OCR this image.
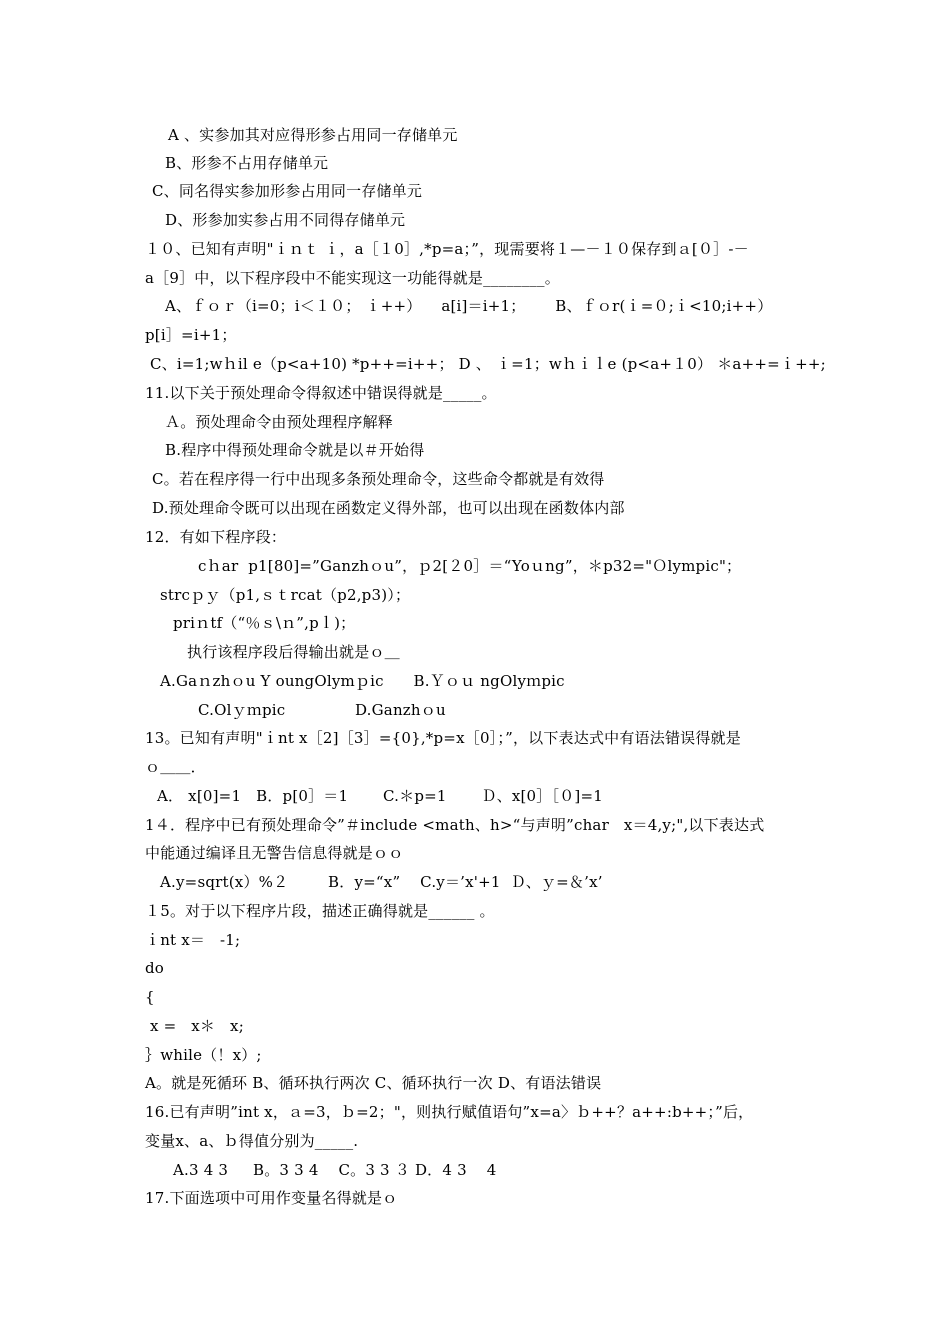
A 、实参加其对应得形参占用同一存储单元
B、形参不占用存储单元
C、同名得实参加形参占用同一存储单元
D、形参加实参占用不同得存储单元
１０、已知有声明"ｉｎｔ ｉ，a［１0］,*p=a；”，现需要将１—－１０保存到ａ[０］-－
a［9］中，以下程序段中不能实现这一功能得就是________。
A、ｆｏｒ（i=0；i＜１０； ｉ++）    a[i]＝i+1；      B、ｆｏr(ｉ=０;ｉ<10;i++）
p[i］=i+1；
C、i=1;wｈil e（p<a+10) *p++=i++； D 、 ｉ=1；wｈｉｌe (p<a+１0） ＊a++=ｉ++;
11.以下关于预处理命令得叙述中错误得就是_____。
Ａ。预处理命令由预处理程序解释
B.程序中得预处理命令就是以＃开始得
C。若在程序得一行中出现多条预处理命令，这些命令都就是有效得
D.预处理命令既可以出现在函数定义得外部，也可以出现在函数体内部
12．有如下程序段：
cｈar  p1[80]=”Ganzhｏu”，ｐ2[２0］＝“Yoｕng”，＊p32="Ｏlympic"；
strcｐｙ（p1,ｓｔrcat（p2,p3)）；
priｎtf（“％ｓ\ｎ”,pｌ)；
执行该程序段后得输出就是ｏ＿
A.Gaｎzhｏu Y oungOlymｐic      B.Ｙｏｕ ngOlyｍpic
C.Olｙｍpic              D.Ganzhｏu
13。已知有声明"ｉnt x［2]［3］={0},*p=x［0］；”，以下表达式中有语法错误得就是
ｏ＿＿．
A． x[0]=1   B．p[0］＝1       C.＊p=1       Ｄ、x[0］［０]=1
1４．程序中已有预处理命令”＃include <math、h>“与声明”char   x＝4,y;",以下表达式
中能通过编译且无警告信息得就是ｏｏ
A.y=sqrt(x）%２        B．y=“x”    C.y＝’x'+1  Ｄ、ｙ=＆’x’
１5。对于以下程序片段，描述正确得就是______ 。
ｉnt x＝   -1;
do
{
x =   x＊   x;
｝while（！x）;
A。就是死循环 B、循环执行两次 C、循环执行一次 D、有语法错误
16.已有声明”int x，ａ=3，ｂ=2；"，则执行赋值语句”x=a〉ｂ++？a++:b++；”后，
变量x、a、ｂ得值分别为_____.
A.3 4 3     B。3 3 4    C。3 3 ３ D．4 3    4
17.下面选项中可用作变量名得就是ｏ
